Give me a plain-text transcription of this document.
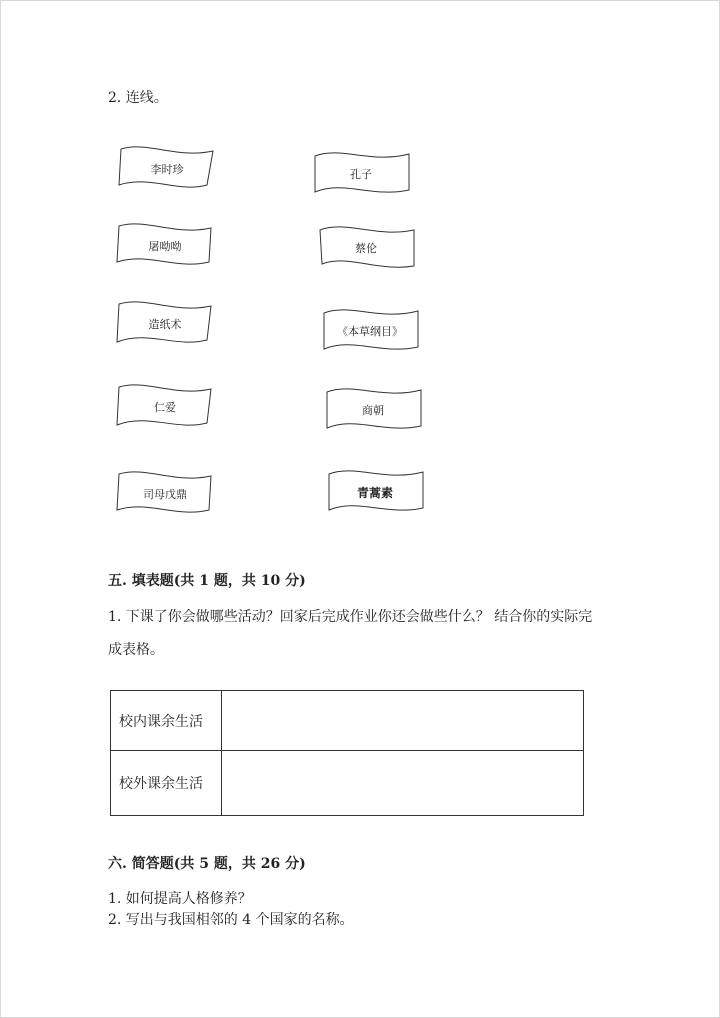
2. 连线。
李时珍
屠呦呦
造纸术
仁爱
司母戊鼎
孔子
蔡伦
《本草纲目》
商朝
青蒿素
五. 填表题(共 1 题，共 10 分)
1. 下课了你会做哪些活动？回家后完成作业你还会做些什么？ 结合你的实际完
成表格。
校内课余生活	
校外课余生活	
六. 简答题(共 5 题，共 26 分)
1. 如何提高人格修养？
2. 写出与我国相邻的 4 个国家的名称。
